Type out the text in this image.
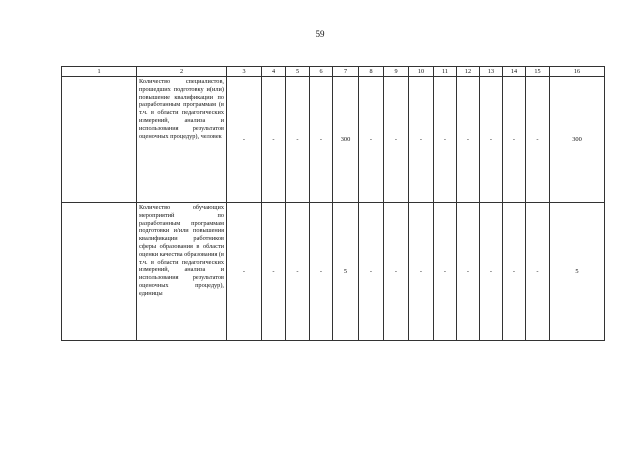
59
1	2	3	4	5	6	7	8	9	10	11	12	13	14	15	16
	Количество специалистов, прошедших подготовку и(или) повышение квалификации по разработанным программам (в т.ч. в области педагогических измерений, анализа и использования результатов оценочных процедур), человек	-	-	-	-	300	-	-	-	-	-	-	-	-	300
	Количество обучающих мероприятий по разработанным программам подготовки и/или повышения квалификации работников сферы образования в области оценки качества образования (в т.ч. в области педагогических измерений, анализа и использования результатов оценочных процедур), единицы	-	-	-	-	5	-	-	-	-	-	-	-	-	5
